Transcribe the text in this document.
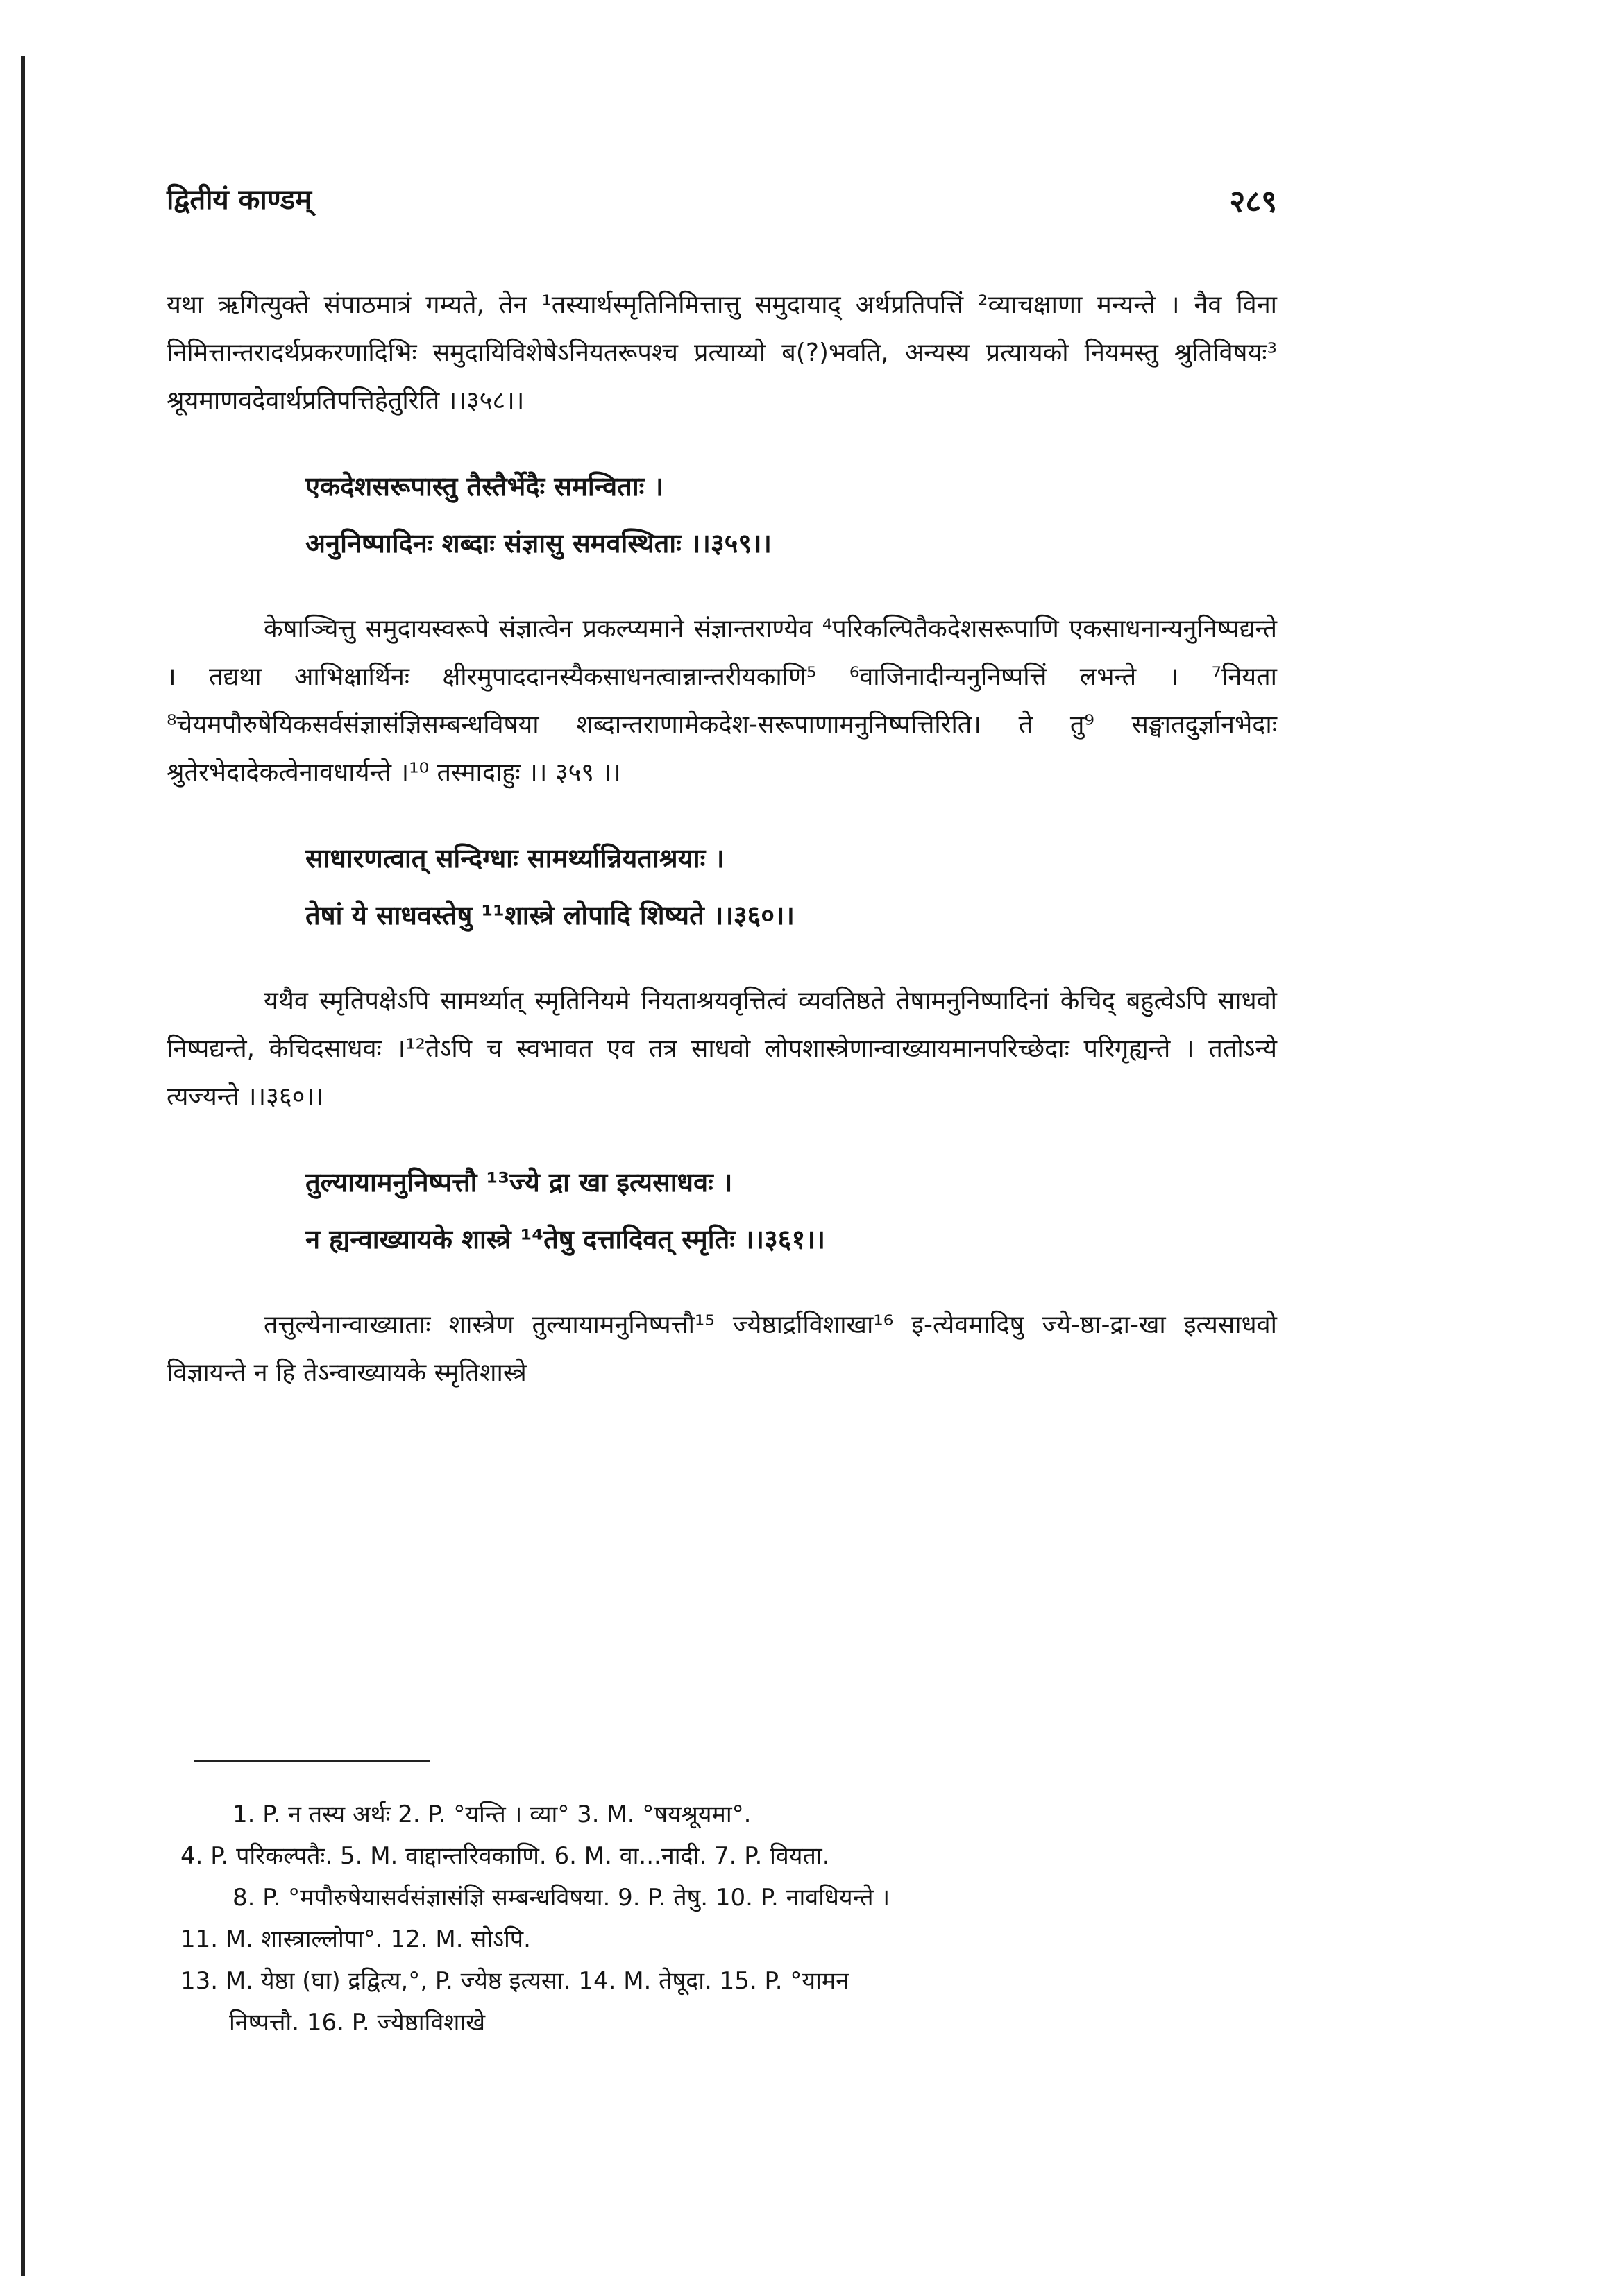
द्वितीयं काण्डम्	२८९

यथा ऋगित्युक्ते संपाठमात्रं गम्यते, तेन ¹तस्यार्थस्मृतिनिमित्तात्तु समुदायाद् अर्थप्रतिपत्तिं ²व्याचक्षाणा मन्यन्ते । नैव विना निमित्तान्तरादर्थप्रकरणादिभिः समुदायिविशेषेऽनियतरूपश्च प्रत्याय्यो ब(?)भवति, अन्यस्य प्रत्यायको नियमस्तु श्रुतिविषयः³ श्रूयमाणवदेवार्थप्रतिपत्तिहेतुरिति ।।३५८।।

एकदेशसरूपास्तु तैस्तैर्भेदैः समन्विताः ।
अनुनिष्पादिनः शब्दाः संज्ञासु समवस्थिताः ।।३५९।।

केषाञ्चित्तु समुदायस्वरूपे संज्ञात्वेन प्रकल्प्यमाने संज्ञान्तराण्येव ⁴परिकल्पितैकदेशसरूपाणि एकसाधनान्यनुनिष्पद्यन्ते । तद्यथा आभिक्षार्थिनः क्षीरमुपाददानस्यैकसाधनत्वान्नान्तरीयकाणि⁵ ⁶वाजिनादीन्यनुनिष्पत्तिं लभन्ते । ⁷नियता ⁸चेयमपौरुषेयिकसर्वसंज्ञासंज्ञिसम्बन्धविषया शब्दान्तराणामेकदेश-सरूपाणामनुनिष्पत्तिरिति। ते तु⁹ सङ्घातदुर्ज्ञानभेदाः श्रुतेरभेदादेकत्वेनावधार्यन्ते ।¹⁰ तस्मादाहुः ।। ३५९ ।।

साधारणत्वात् सन्दिग्धाः सामर्थ्यान्नियताश्रयाः ।
तेषां ये साधवस्तेषु ¹¹शास्त्रे लोपादि शिष्यते ।।३६०।।

यथैव स्मृतिपक्षेऽपि सामर्थ्यात् स्मृतिनियमे नियताश्रयवृत्तित्वं व्यवतिष्ठते तेषामनुनिष्पादिनां केचिद् बहुत्वेऽपि साधवो निष्पद्यन्ते, केचिदसाधवः ।¹²तेऽपि च स्वभावत एव तत्र साधवो लोपशास्त्रेणान्वाख्यायमानपरिच्छेदाः परिगृह्यन्ते । ततोऽन्ये त्यज्यन्ते ।।३६०।।

तुल्यायामनुनिष्पत्तौ ¹³ज्ये द्रा खा इत्यसाधवः ।
न ह्यन्वाख्यायके शास्त्रे ¹⁴तेषु दत्तादिवत् स्मृतिः ।।३६१।।

तत्तुल्येनान्वाख्याताः शास्त्रेण तुल्यायामनुनिष्पत्तौ¹⁵ ज्येष्ठार्द्राविशाखा¹⁶ इ-त्येवमादिषु ज्ये-ष्ठा-द्रा-खा इत्यसाधवो विज्ञायन्ते न हि तेऽन्वाख्यायके स्मृतिशास्त्रे

1. P. न तस्य अर्थः 2. P. °यन्ति । व्या° 3. M. °षयश्रूयमा°.
4. P. परिकल्पतैः. 5. M. वाद्दान्तरिवकाणि. 6. M. वा...नादी. 7. P. वियता.
8. P. °मपौरुषेयासर्वसंज्ञासंज्ञि सम्बन्धविषया. 9. P. तेषु. 10. P. नावधियन्ते ।
11. M. शास्त्राल्लोपा°. 12. M. सोऽपि.
13. M. येष्ठा (घा) द्रद्वित्य,°, P. ज्येष्ठ इत्यसा. 14. M. तेषूदा. 15. P. °यामन
निष्पत्तौ. 16. P. ज्येष्ठाविशाखे
